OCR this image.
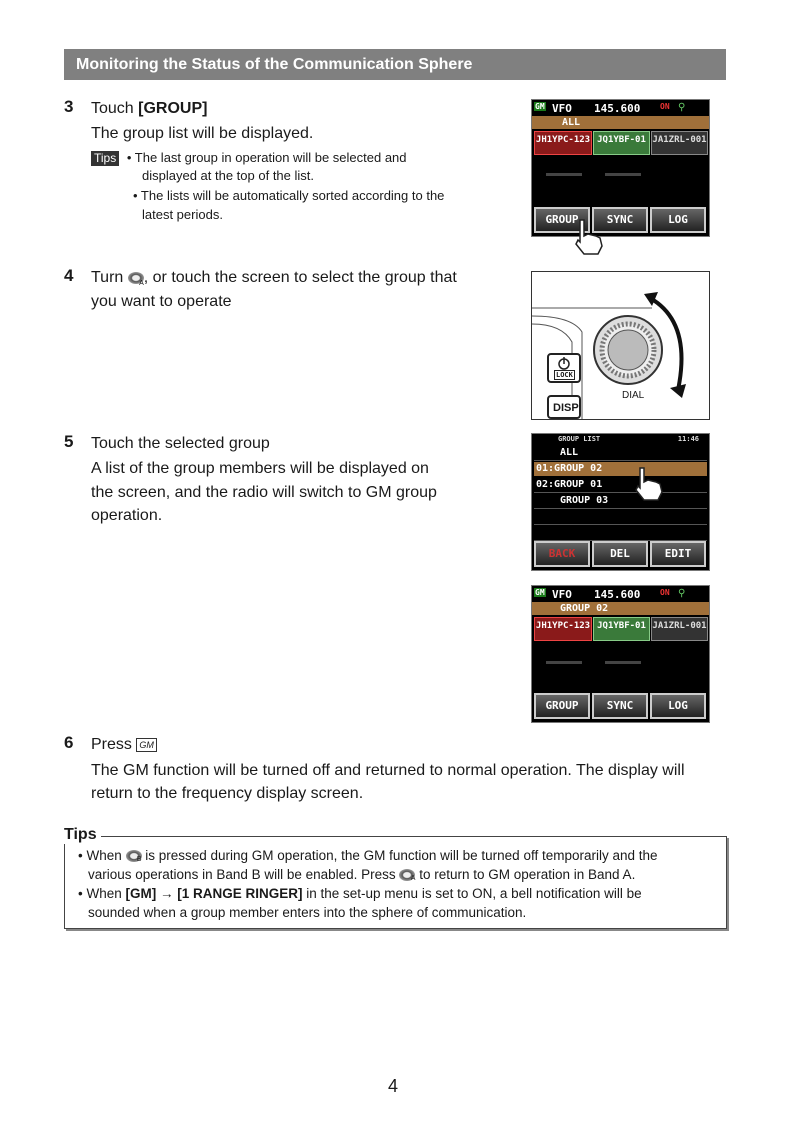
Monitoring the Status of the Communication Sphere
3 Touch [GROUP]
The group list will be displayed.
Tips • The last group in operation will be selected and
displayed at the top of the list.
• The lists will be automatically sorted according to the
latest periods.
GM VFO 145.600 ON ⚲
ALL
JH1YPC-123 JQ1YBF-01 JA1ZRL-001
GROUP	SYNC	LOG
4 Turn A, or touch the screen to select the group that
you want to operate
LOCK
DISP
DIAL
5 Touch the selected group
A list of the group members will be displayed on
the screen, and the radio will switch to GM group
operation.
GROUP LIST	11:46
ALL
01:GROUP 02
02:GROUP 01
GROUP 03
BACK	DEL	EDIT
GM VFO 145.600 ON ⚲
GROUP 02
JH1YPC-123 JQ1YBF-01 JA1ZRL-001
GROUP	SYNC	LOG
6 Press GM
The GM function will be turned off and returned to normal operation. The display will
return to the frequency display screen.
Tips
• When B is pressed during GM operation, the GM function will be turned off temporarily and the
various operations in Band B will be enabled. Press A to return to GM operation in Band A.
• When [GM] → [1 RANGE RINGER] in the set-up menu is set to ON, a bell notification will be
sounded when a group member enters into the sphere of communication.
4
